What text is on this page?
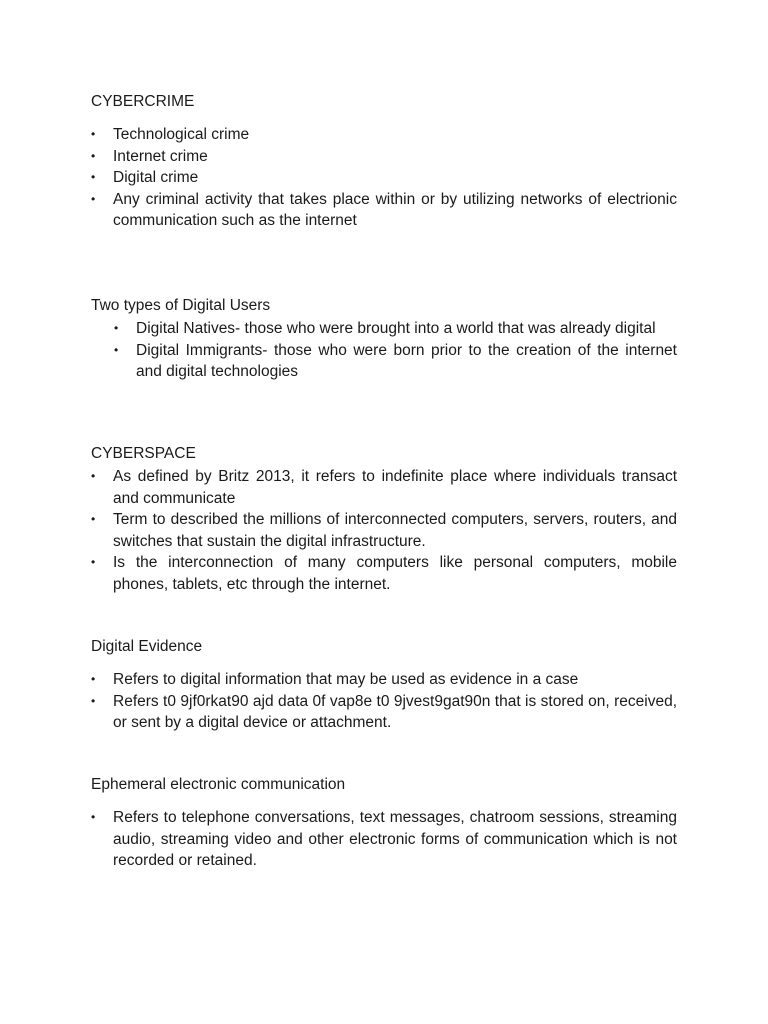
CYBERCRIME
•	Technological crime
•	Internet crime
•	Digital crime
•	Any criminal activity that takes place within or by utilizing networks of electrionic communication such as the internet
Two types of Digital Users
•	Digital Natives- those who were brought into a world that was already digital
•	Digital Immigrants- those who were born prior to the creation of the internet and digital technologies
CYBERSPACE
•	As defined by Britz 2013, it refers to indefinite place where individuals transact and communicate
•	Term to described the millions of interconnected computers, servers, routers, and switches that sustain the digital infrastructure.
•	Is the interconnection of many computers like personal computers, mobile phones, tablets, etc through the internet.
Digital Evidence
•	Refers to digital information that may be used as evidence in a case
•	Refers t0 9jf0rkat90 ajd data 0f vap8e t0 9jvest9gat90n that is stored on, received, or sent by a digital device or attachment.
Ephemeral electronic communication
•	Refers to telephone conversations, text messages, chatroom sessions, streaming audio, streaming video and other electronic forms of communication which is not recorded or retained.
